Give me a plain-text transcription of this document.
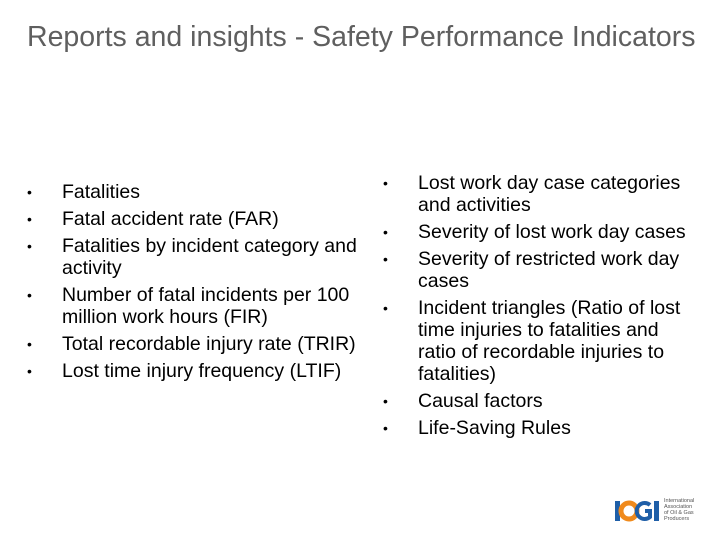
Reports and insights - Safety Performance Indicators
• Fatalities
• Fatal accident rate (FAR)
• Fatalities by incident category and activity
• Number of fatal incidents per 100 million work hours (FIR)
• Total recordable injury rate (TRIR)
• Lost time injury frequency (LTIF)
• Lost work day case categories and activities
• Severity of lost work day cases
• Severity of restricted work day cases
• Incident triangles (Ratio of lost time injuries to fatalities and ratio of recordable injuries to fatalities)
• Causal factors
• Life-Saving Rules
International
Association
of Oil & Gas
Producers
